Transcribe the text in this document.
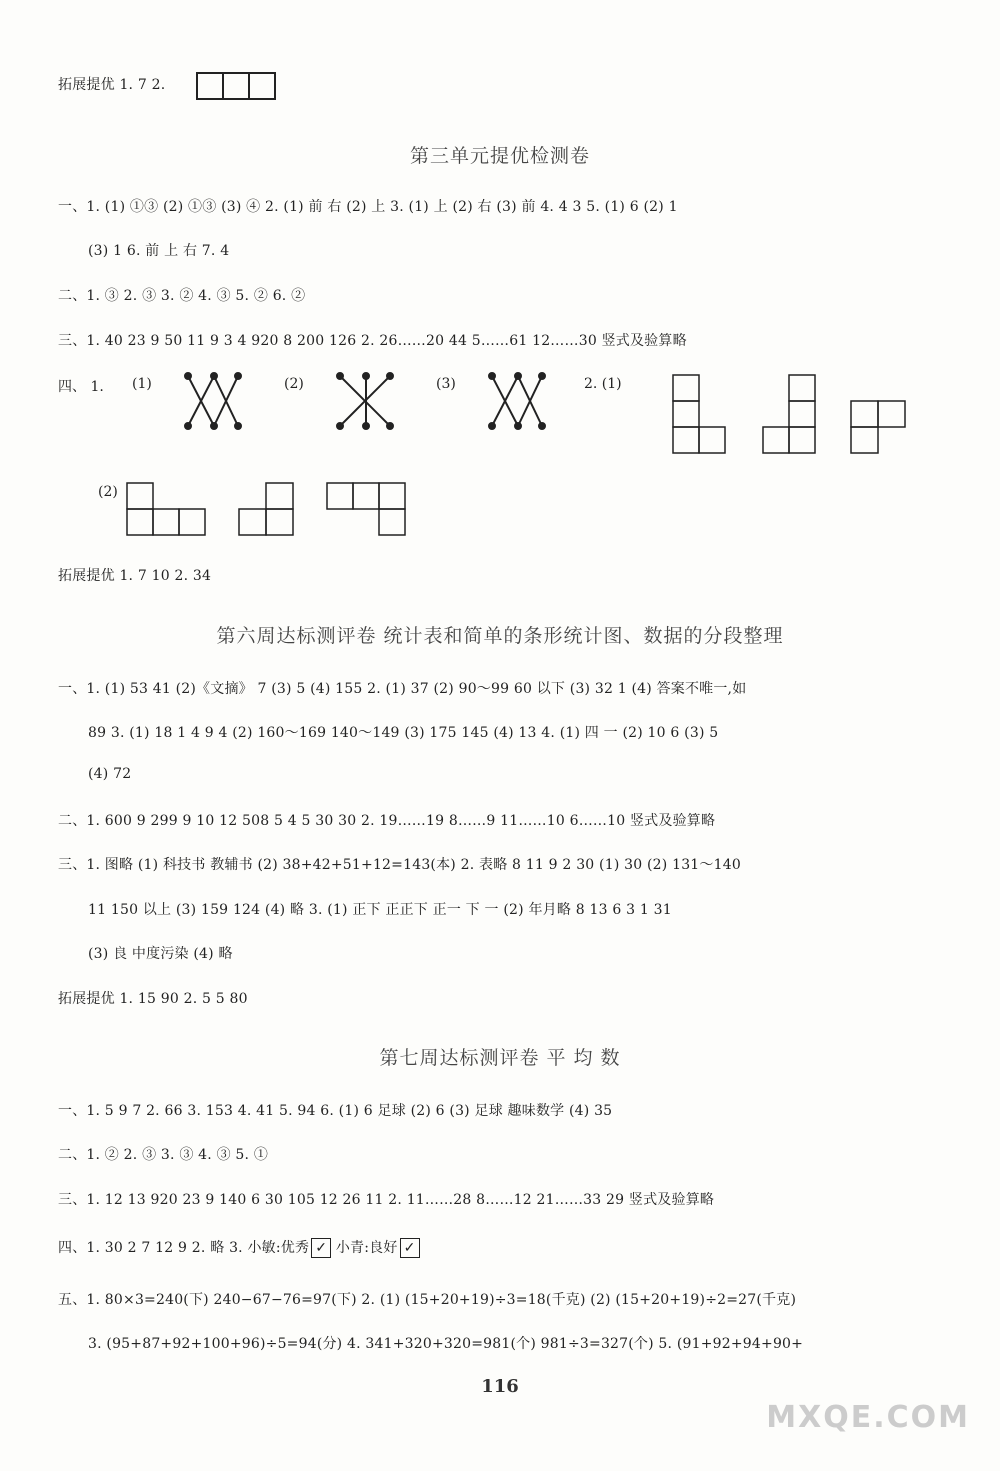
拓展提优 1. 7 2.
第三单元提优检测卷
一、1. (1) ①③ (2) ①③ (3) ④ 2. (1) 前 右 (2) 上 3. (1) 上 (2) 右 (3) 前 4. 4 3 5. (1) 6 (2) 1
(3) 1 6. 前 上 右 7. 4
二、1. ③ 2. ③ 3. ② 4. ③ 5. ② 6. ②
三、1. 40 23 9 50 11 9 3 4 920 8 200 126 2. 26……20 44 5……61 12……30 竖式及验算略
四、 1. (1)	(2)	(3)	2. (1)
(2)
拓展提优 1. 7 10 2. 34
第六周达标测评卷 统计表和简单的条形统计图、数据的分段整理
一、1. (1) 53 41 (2)《文摘》 7 (3) 5 (4) 155 2. (1) 37 (2) 90～99 60 以下 (3) 32 1 (4) 答案不唯一,如
89 3. (1) 18 1 4 9 4 (2) 160～169 140～149 (3) 175 145 (4) 13 4. (1) 四 一 (2) 10 6 (3) 5
(4) 72
二、1. 600 9 299 9 10 12 508 5 4 5 30 30 2. 19……19 8……9 11……10 6……10 竖式及验算略
三、1. 图略 (1) 科技书 教辅书 (2) 38+42+51+12=143(本) 2. 表略 8 11 9 2 30 (1) 30 (2) 131～140
11 150 以上 (3) 159 124 (4) 略 3. (1) 正下 正正下 正一 下 一 (2) 年月略 8 13 6 3 1 31
(3) 良 中度污染 (4) 略
拓展提优 1. 15 90 2. 5 5 80
第七周达标测评卷 平 均 数
一、1. 5 9 7 2. 66 3. 153 4. 41 5. 94 6. (1) 6 足球 (2) 6 (3) 足球 趣味数学 (4) 35
二、1. ② 2. ③ 3. ③ 4. ③ 5. ①
三、1. 12 13 920 23 9 140 6 30 105 12 26 11 2. 11……28 8……12 21……33 29 竖式及验算略
四、1. 30 2 7 12 9 2. 略 3. 小敏:优秀 ✓ 小青:良好 ✓
五、1. 80×3=240(下) 240−67−76=97(下) 2. (1) (15+20+19)÷3=18(千克) (2) (15+20+19)÷2=27(千克)
3. (95+87+92+100+96)÷5=94(分) 4. 341+320+320=981(个) 981÷3=327(个) 5. (91+92+94+90+
116
MXQE.COM
